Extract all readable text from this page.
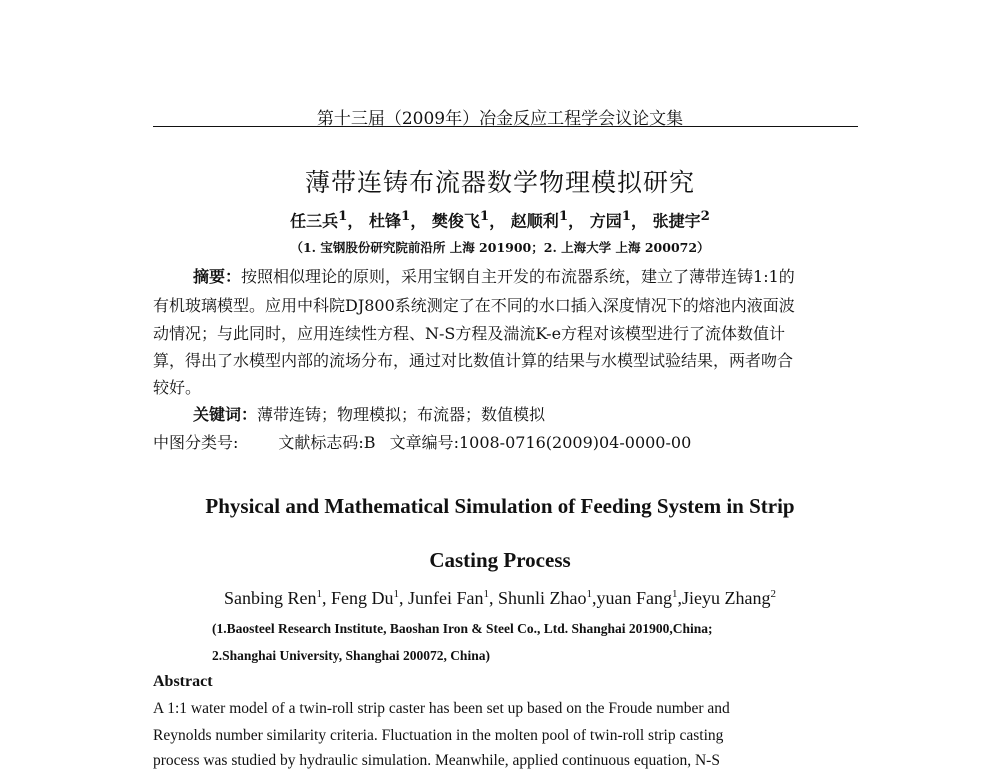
第十三届（2009年）冶金反应工程学会议论文集
薄带连铸布流器数学物理模拟研究
任三兵$^1$， 杜锋$^1$， 樊俊飞$^1$， 赵顺利$^1$， 方园$^1$， 张捷宇$^2$
（1. 宝钢股份研究院前沿所 上海 201900；2. 上海大学 上海 200072）
摘要：按照相似理论的原则，采用宝钢自主开发的布流器系统，建立了薄带连铸1:1的
有机玻璃模型。应用中科院DJ800系统测定了在不同的水口插入深度情况下的熔池内液面波
动情况；与此同时，应用连续性方程、N-S方程及湍流K-e方程对该模型进行了流体数值计
算，得出了水模型内部的流场分布，通过对比数值计算的结果与水模型试验结果，两者吻合
较好。
关键词：薄带连铸；物理模拟；布流器；数值模拟
中图分类号:	文献标志码:B 文章编号:1008-0716(2009)04-0000-00
Physical and Mathematical Simulation of Feeding System in Strip
Casting Process
Sanbing Ren$^1$, Feng Du$^1$, Junfei Fan$^1$, Shunli Zhao$^1$,yuan Fang$^1$,Jieyu Zhang$^2$
(1.Baosteel Research Institute, Baoshan Iron & Steel Co., Ltd. Shanghai 201900,China;
2.Shanghai University, Shanghai 200072, China)
Abstract
A 1:1 water model of a twin-roll strip caster has been set up based on the Froude number and
Reynolds number similarity criteria. Fluctuation in the molten pool of twin-roll strip casting
process was studied by hydraulic simulation. Meanwhile, applied continuous equation, N-S
